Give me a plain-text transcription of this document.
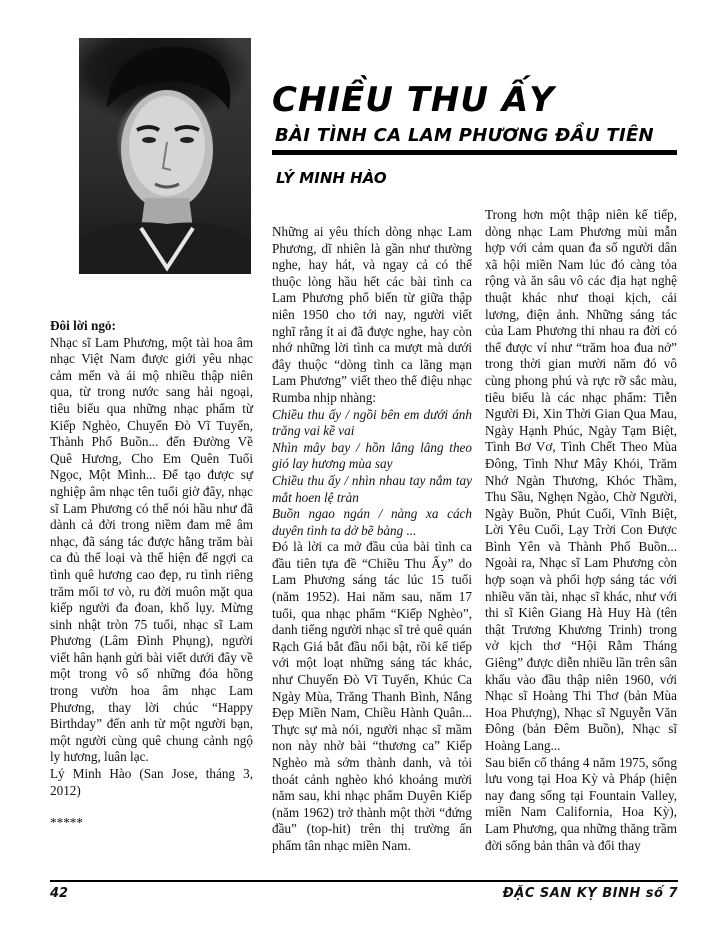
CHIỀU THU ẤY
BÀI TÌNH CA LAM PHƯƠNG ĐẦU TIÊN
LÝ MINH HÀO

Đôi lời ngỏ:

Nhạc sĩ Lam Phương, một tài hoa âm nhạc Việt Nam được giới yêu nhạc cảm mến và ái mộ nhiều thập niên qua, từ trong nước sang hải ngoại, tiêu biểu qua những nhạc phẩm từ Kiếp Nghèo, Chuyến Đò Vĩ Tuyến, Thành Phố Buồn... đến Đường Về Quê Hương, Cho Em Quên Tuổi Ngọc, Một Mình... Để tạo được sự nghiệp âm nhạc tên tuổi giờ đây, nhạc sĩ Lam Phương có thể nói hầu như đã dành cả đời trong niềm đam mê âm nhạc, đã sáng tác được hằng trăm bài ca đủ thể loại và thể hiện để ngợi ca tình quê hương cao đẹp, ru tình riêng trăm mối tơ vò, ru đời muôn mặt qua kiếp người đa đoan, khổ lụy. Mừng sinh nhật tròn 75 tuổi, nhạc sĩ Lam Phương (Lâm Đình Phụng), người viết hân hạnh gửi bài viết dưới đây về một trong vô số những đóa hồng trong vườn hoa âm nhạc Lam Phương, thay lời chúc “Happy Birthday” đến anh từ một người bạn, một người cùng quê chung cảnh ngộ ly hương, luân lạc.

Lý Minh Hào (San Jose, tháng 3, 2012)

*****

Những ai yêu thích dòng nhạc Lam Phương, dĩ nhiên là gần như thường nghe, hay hát, và ngay cả có thể thuộc lòng hầu hết các bài tình ca Lam Phương phổ biến từ giữa thập niên 1950 cho tới nay, người viết nghĩ rằng ít ai đã được nghe, hay còn nhớ những lời tình ca mượt mà dưới đây thuộc “dòng tình ca lãng mạn Lam Phương” viết theo thể điệu nhạc Rumba nhịp nhàng:

Chiều thu ấy / ngồi bên em dưới ánh trăng vai kề vai

Nhìn mây bay / hồn lâng lâng theo gió lay hương mùa say

Chiều thu ấy / nhìn nhau tay nắm tay mắt hoen lệ tràn

Buồn ngao ngán / nàng xa cách duyên tình ta dở bẽ bàng ...

Đó là lời ca mở đầu của bài tình ca đầu tiên tựa đề “Chiều Thu Ấy” do Lam Phương sáng tác lúc 15 tuổi (năm 1952). Hai năm sau, năm 17 tuổi, qua nhạc phẩm “Kiếp Nghèo”, danh tiếng người nhạc sĩ trẻ quê quán Rạch Giá bắt đầu nổi bật, rồi kế tiếp với một loạt những sáng tác khác, như Chuyến Đò Vĩ Tuyến, Khúc Ca Ngày Mùa, Trăng Thanh Bình, Nắng Đẹp Miền Nam, Chiều Hành Quân... Thực sự mà nói, người nhạc sĩ mầm non này nhờ bài “thương ca” Kiếp Nghèo mà sớm thành danh, và tỏi thoát cảnh nghèo khó khoảng mười năm sau, khi nhạc phẩm Duyên Kiếp (năm 1962) trở thành một thời “đứng đầu” (top-hit) trên thị trường ấn phẩm tân nhạc miền Nam.

Trong hơn một thập niên kế tiếp, dòng nhạc Lam Phương mùi mẫn hợp với cảm quan đa số người dân xã hội miền Nam lúc đó càng tỏa rộng và ăn sâu vô các địa hạt nghệ thuật khác như thoại kịch, cải lương, điện ảnh. Những sáng tác của Lam Phương thi nhau ra đời có thể được ví như “trăm hoa đua nở” trong thời gian mười năm đó vô cùng phong phú và rực rỡ sắc màu, tiêu biểu là các nhạc phẩm: Tiễn Người Đi, Xin Thời Gian Qua Mau, Ngày Hạnh Phúc, Ngày Tạm Biệt, Tình Bơ Vơ, Tình Chết Theo Mùa Đông, Tình Như Mây Khói, Trăm Nhớ Ngàn Thương, Khóc Thầm, Thu Sầu, Nghẹn Ngào, Chờ Người, Ngày Buồn, Phút Cuối, Vĩnh Biệt, Lời Yêu Cuối, Lạy Trời Con Được Bình Yên và Thành Phố Buồn... Ngoài ra, Nhạc sĩ Lam Phương còn hợp soạn và phối hợp sáng tác với nhiều văn tài, nhạc sĩ khác, như với thi sĩ Kiên Giang Hà Huy Hà (tên thật Trương Khương Trinh) trong vở kịch thơ “Hội Rằm Tháng Giêng” được diễn nhiều lần trên sân khấu vào đầu thập niên 1960, với Nhạc sĩ Hoàng Thi Thơ (bản Mùa Hoa Phượng), Nhạc sĩ Nguyễn Văn Đông (bản Đêm Buồn), Nhạc sĩ Hoàng Lang...

Sau biến cố tháng 4 năm 1975, sống lưu vong tại Hoa Kỳ và Pháp (hiện nay đang sống tại Fountain Valley, miền Nam California, Hoa Kỳ), Lam Phương, qua những thăng trầm đời sống bản thân và đổi thay

42	ĐẶC SAN KỴ BINH số 7
